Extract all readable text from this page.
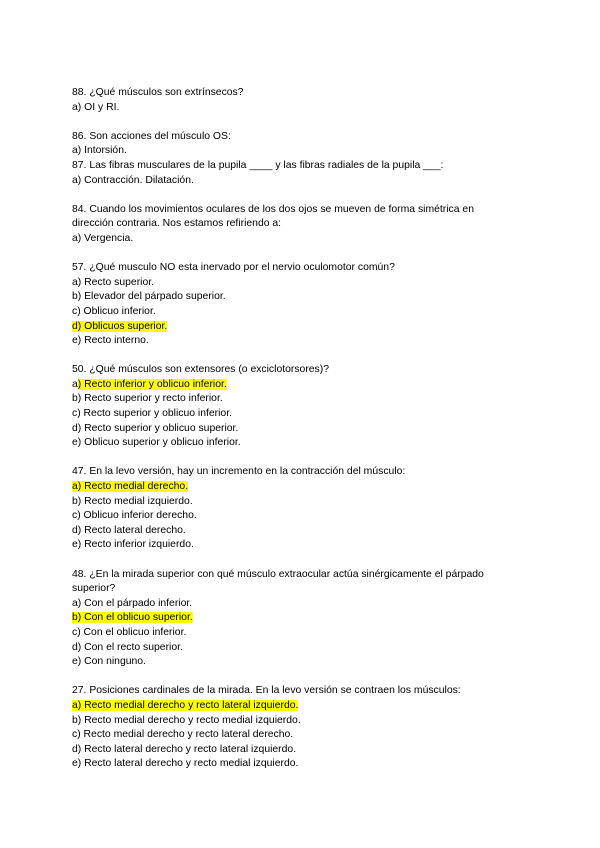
88. ¿Qué músculos son extrínsecos?
a) OI y RI.
86. Son acciones del músculo OS:
a) Intorsión.
87. Las fibras musculares de la pupila ____ y las fibras radiales de la pupila ___:
a) Contracción. Dilatación.
84. Cuando los movimientos oculares de los dos ojos se mueven de forma simétrica en
dirección contraria. Nos estamos refiriendo a:
a) Vergencia.
57. ¿Qué musculo NO esta inervado por el nervio oculomotor común?
a) Recto superior.
b) Elevador del párpado superior.
c) Oblicuo inferior.
d) Oblicuos superior.
e) Recto interno.
50. ¿Qué músculos son extensores (o exciclotorsores)?
a) Recto inferior y oblicuo inferior.
b) Recto superior y recto inferior.
c) Recto superior y oblicuo inferior.
d) Recto superior y oblicuo superior.
e) Oblicuo superior y oblicuo inferior.
47. En la levo versión, hay un incremento en la contracción del músculo:
a) Recto medial derecho.
b) Recto medial izquierdo.
c) Oblicuo inferior derecho.
d) Recto lateral derecho.
e) Recto inferior izquierdo.
48. ¿En la mirada superior con qué músculo extraocular actúa sinérgicamente el párpado
superior?
a) Con el párpado inferior.
b) Con el oblicuo superior.
c) Con el oblicuo inferior.
d) Con el recto superior.
e) Con ninguno.
27. Posiciones cardinales de la mirada. En la levo versión se contraen los músculos:
a) Recto medial derecho y recto lateral izquierdo.
b) Recto medial derecho y recto medial izquierdo.
c) Recto medial derecho y recto lateral derecho.
d) Recto lateral derecho y recto lateral izquierdo.
e) Recto lateral derecho y recto medial izquierdo.
